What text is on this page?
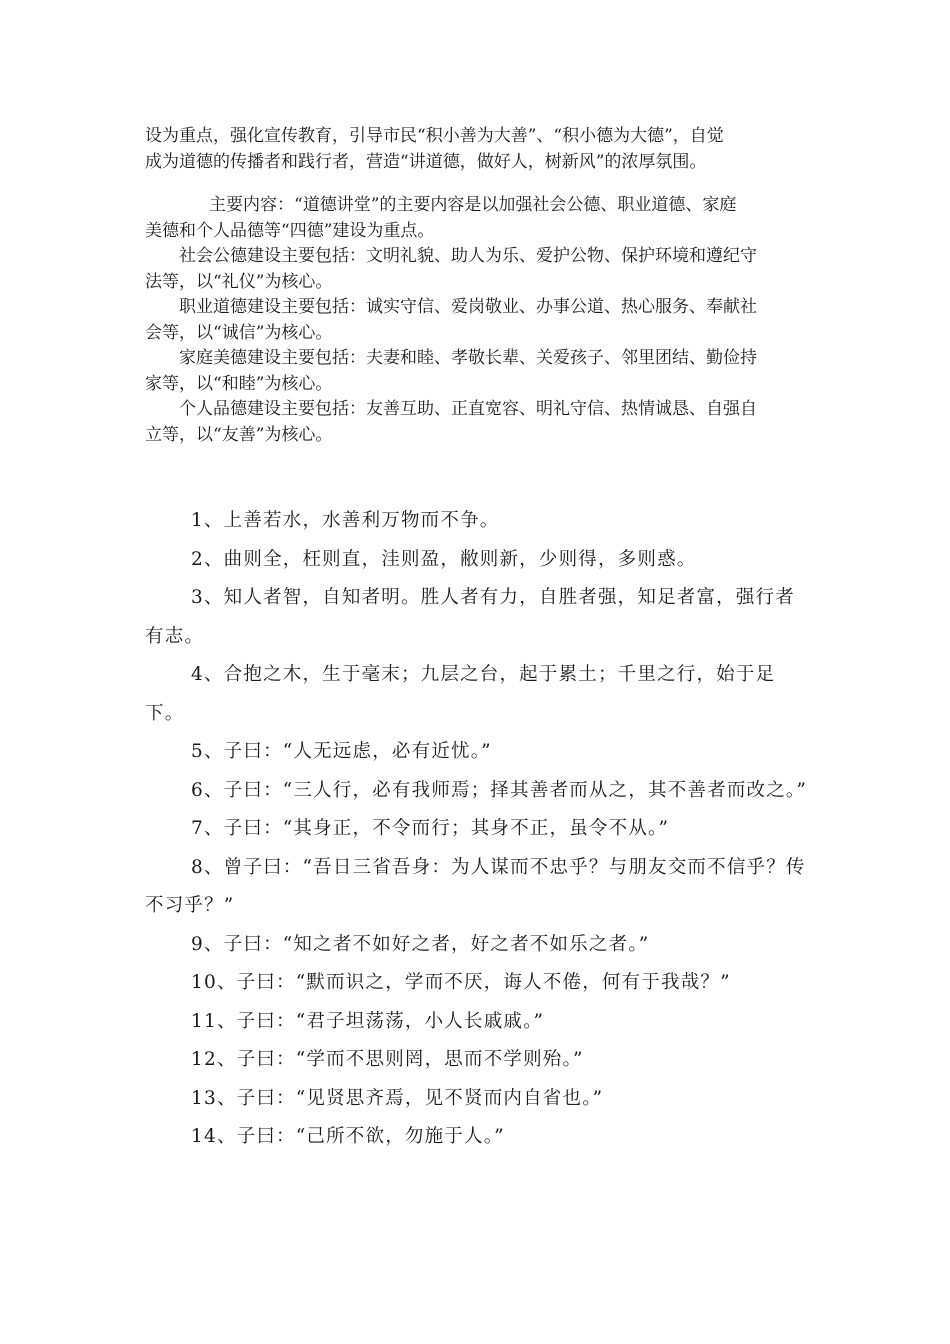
设为重点，强化宣传教育，引导市民“积小善为大善”、“积小德为大德”，自觉

成为道德的传播者和践行者，营造“讲道德，做好人，树新风”的浓厚氛围。

主要内容：“道德讲堂”的主要内容是以加强社会公德、职业道德、家庭

美德和个人品德等“四德”建设为重点。

社会公德建设主要包括：文明礼貌、助人为乐、爱护公物、保护环境和遵纪守

法等，以“礼仪”为核心。

职业道德建设主要包括：诚实守信、爱岗敬业、办事公道、热心服务、奉献社

会等，以“诚信”为核心。

家庭美德建设主要包括：夫妻和睦、孝敬长辈、关爱孩子、邻里团结、勤俭持

家等，以“和睦”为核心。

个人品德建设主要包括：友善互助、正直宽容、明礼守信、热情诚恳、自强自

立等，以“友善”为核心。

1、上善若水，水善利万物而不争。

2、曲则全，枉则直，洼则盈，敝则新，少则得，多则惑。

3、知人者智，自知者明。胜人者有力，自胜者强，知足者富，强行者有志。

4、合抱之木，生于毫末；九层之台，起于累土；千里之行，始于足下。

5、子曰：“人无远虑，必有近忧。”

6、子曰：“三人行，必有我师焉；择其善者而从之，其不善者而改之。”

7、子曰：“其身正，不令而行；其身不正，虽令不从。”

8、曾子曰：“吾日三省吾身：为人谋而不忠乎？与朋友交而不信乎？传不习乎？”

9、子曰：“知之者不如好之者，好之者不如乐之者。”

10、子曰：“默而识之，学而不厌，诲人不倦，何有于我哉？”

11、子曰：“君子坦荡荡，小人长戚戚。”

12、子曰：“学而不思则罔，思而不学则殆。”

13、子曰：“见贤思齐焉，见不贤而内自省也。”

14、子曰：“己所不欲，勿施于人。”
